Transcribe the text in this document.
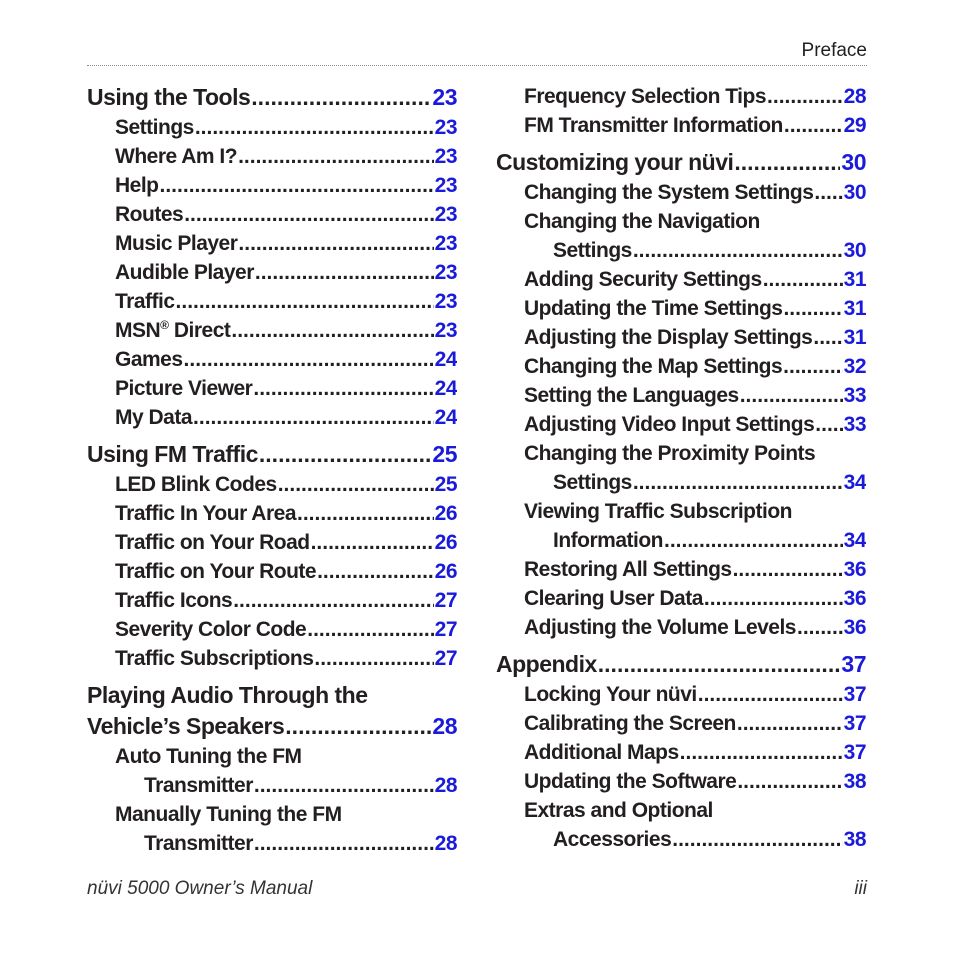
Preface
Using the Tools .....	23
Settings .....	23
Where Am I? .....	23
Help .....	23
Routes .....	23
Music Player .....	23
Audible Player .....	23
Traffic .....	23
MSN® Direct .....	23
Games .....	24
Picture Viewer .....	24
My Data .....	24
Using FM Traffic .....	25
LED Blink Codes .....	25
Traffic In Your Area .....	26
Traffic on Your Road .....	26
Traffic on Your Route .....	26
Traffic Icons .....	27
Severity Color Code .....	27
Traffic Subscriptions .....	27
Playing Audio Through the
Vehicle’s Speakers .....	28
Auto Tuning the FM
Transmitter .....	28
Manually Tuning the FM
Transmitter .....	28
Frequency Selection Tips .....	28
FM Transmitter Information .....	29
Customizing your nüvi .....	30
Changing the System Settings ..... 30
Changing the Navigation
Settings .....	30
Adding Security Settings .....	31
Updating the Time Settings .....	31
Adjusting the Display Settings ..... 31
Changing the Map Settings .....	32
Setting the Languages .....	33
Adjusting Video Input Settings ..... 33
Changing the Proximity Points
Settings .....	34
Viewing Traffic Subscription
Information .....	34
Restoring All Settings .....	36
Clearing User Data .....	36
Adjusting the Volume Levels ..... 36
Appendix .....	37
Locking Your nüvi .....	37
Calibrating the Screen .....	37
Additional Maps .....	37
Updating the Software .....	38
Extras and Optional
Accessories .....	38
nüvi 5000 Owner’s Manual	iii
